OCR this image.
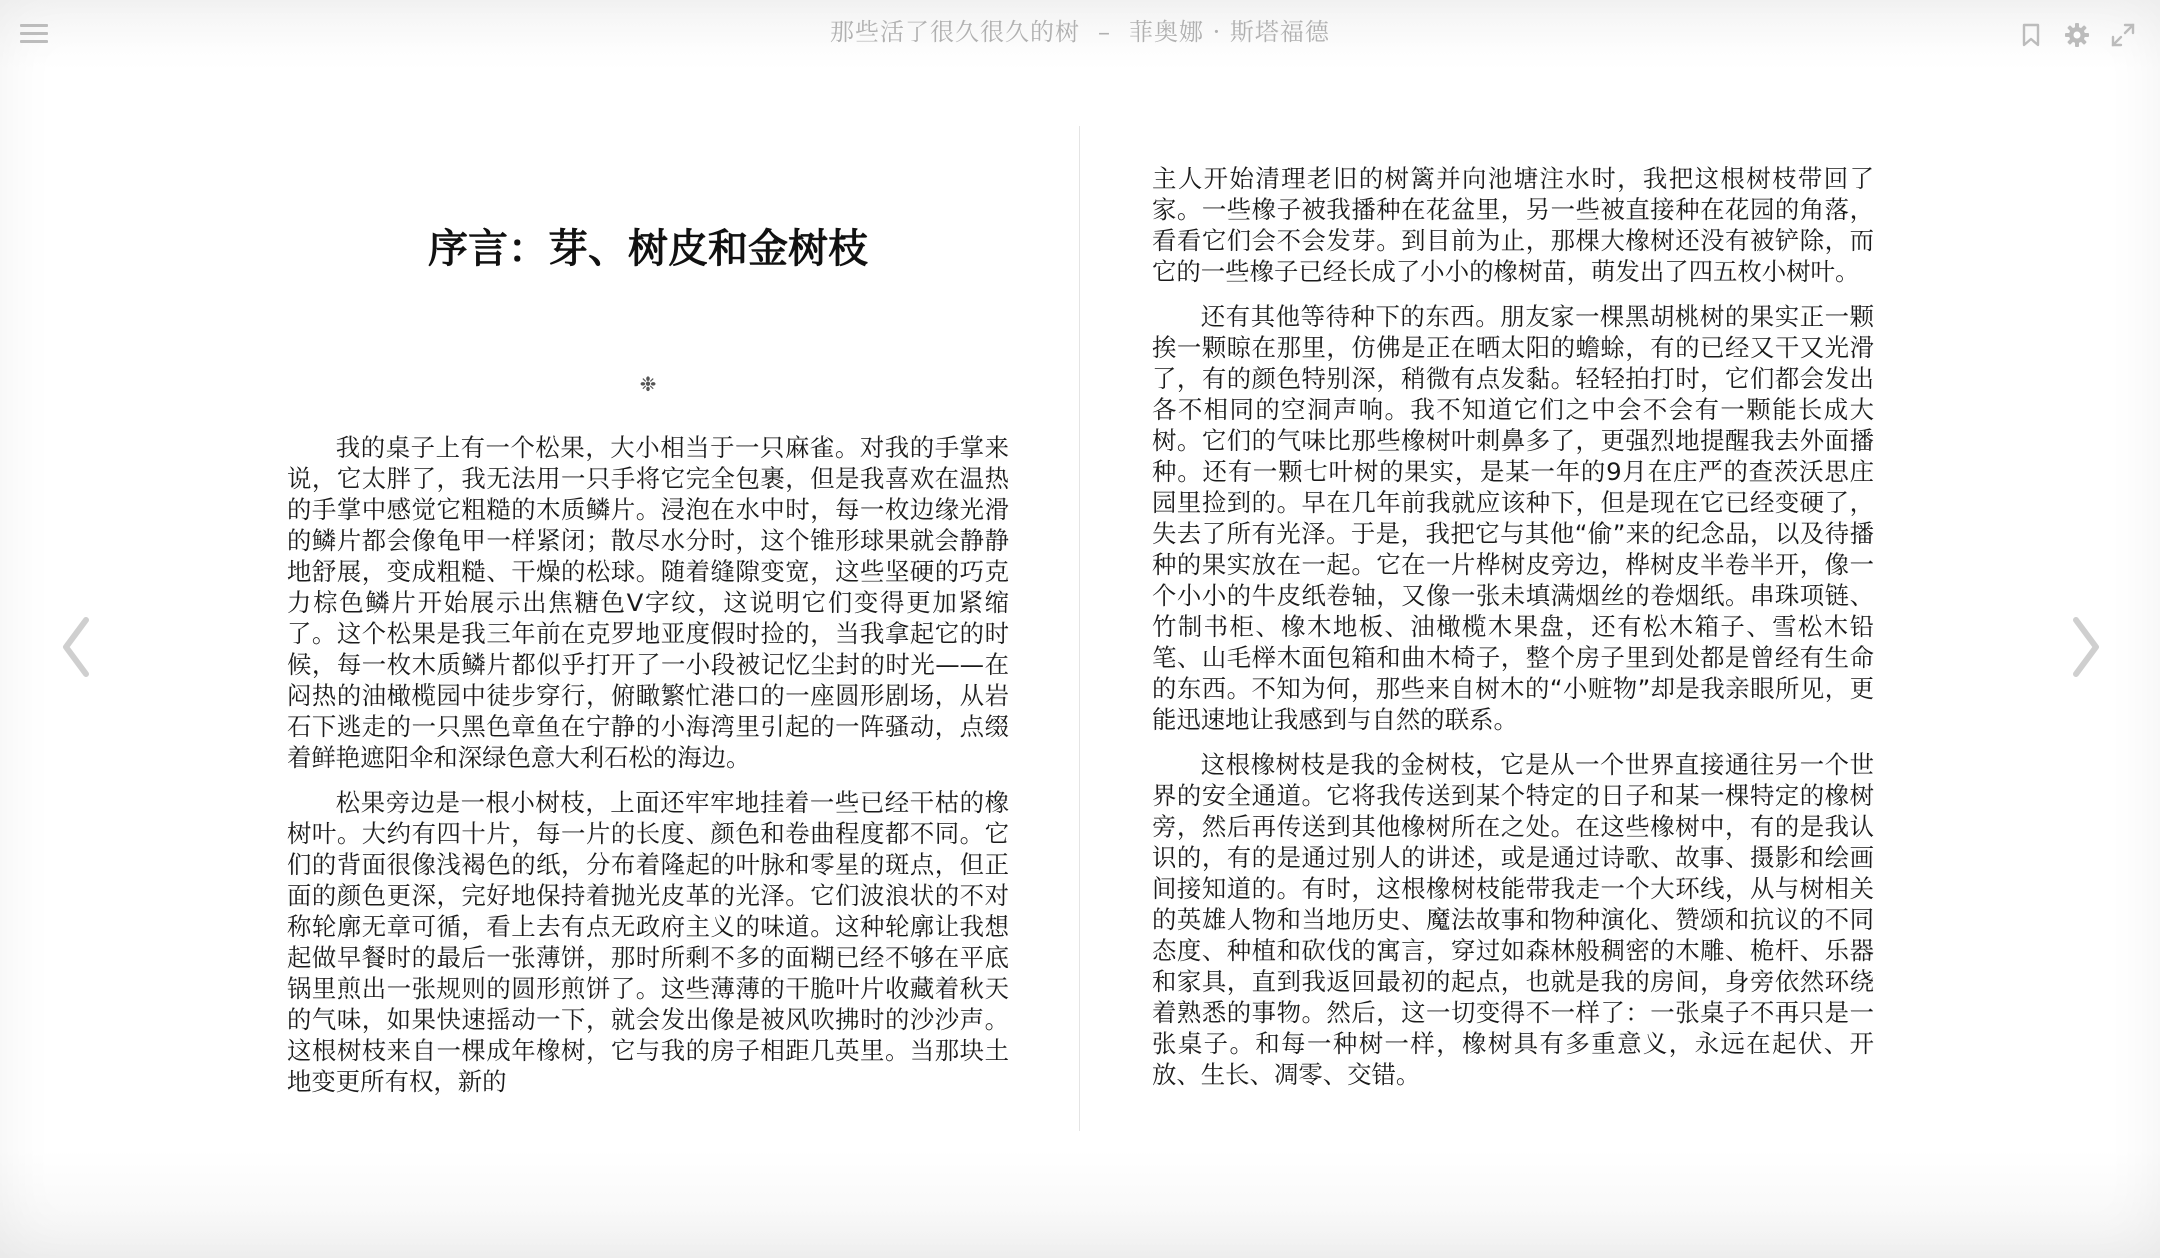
那些活了很久很久的树 – 菲奥娜 · 斯塔福德
序言：芽、树皮和金树枝
❉

我的桌子上有一个松果，大小相当于一只麻雀。对我的手掌来说，它太胖了，我无法用一只手将它完全包裹，但是我喜欢在温热的手掌中感觉它粗糙的木质鳞片。浸泡在水中时，每一枚边缘光滑的鳞片都会像龟甲一样紧闭；散尽水分时，这个锥形球果就会静静地舒展，变成粗糙、干燥的松球。随着缝隙变宽，这些坚硬的巧克力棕色鳞片开始展示出焦糖色V字纹，这说明它们变得更加紧缩了。这个松果是我三年前在克罗地亚度假时捡的，当我拿起它的时候，每一枚木质鳞片都似乎打开了一小段被记忆尘封的时光——在闷热的油橄榄园中徒步穿行，俯瞰繁忙港口的一座圆形剧场，从岩石下逃走的一只黑色章鱼在宁静的小海湾里引起的一阵骚动，点缀着鲜艳遮阳伞和深绿色意大利石松的海边。

松果旁边是一根小树枝，上面还牢牢地挂着一些已经干枯的橡树叶。大约有四十片，每一片的长度、颜色和卷曲程度都不同。它们的背面很像浅褐色的纸，分布着隆起的叶脉和零星的斑点，但正面的颜色更深，完好地保持着抛光皮革的光泽。它们波浪状的不对称轮廓无章可循，看上去有点无政府主义的味道。这种轮廓让我想起做早餐时的最后一张薄饼，那时所剩不多的面糊已经不够在平底锅里煎出一张规则的圆形煎饼了。这些薄薄的干脆叶片收藏着秋天的气味，如果快速摇动一下，就会发出像是被风吹拂时的沙沙声。这根树枝来自一棵成年橡树，它与我的房子相距几英里。当那块土地变更所有权，新的

主人开始清理老旧的树篱并向池塘注水时，我把这根树枝带回了家。一些橡子被我播种在花盆里，另一些被直接种在花园的角落，看看它们会不会发芽。到目前为止，那棵大橡树还没有被铲除，而它的一些橡子已经长成了小小的橡树苗，萌发出了四五枚小树叶。

还有其他等待种下的东西。朋友家一棵黑胡桃树的果实正一颗挨一颗晾在那里，仿佛是正在晒太阳的蟾蜍，有的已经又干又光滑了，有的颜色特别深，稍微有点发黏。轻轻拍打时，它们都会发出各不相同的空洞声响。我不知道它们之中会不会有一颗能长成大树。它们的气味比那些橡树叶刺鼻多了，更强烈地提醒我去外面播种。还有一颗七叶树的果实，是某一年的9月在庄严的查茨沃思庄园里捡到的。早在几年前我就应该种下，但是现在它已经变硬了，失去了所有光泽。于是，我把它与其他“偷”来的纪念品，以及待播种的果实放在一起。它在一片桦树皮旁边，桦树皮半卷半开，像一个小小的牛皮纸卷轴，又像一张未填满烟丝的卷烟纸。串珠项链、竹制书柜、橡木地板、油橄榄木果盘，还有松木箱子、雪松木铅笔、山毛榉木面包箱和曲木椅子，整个房子里到处都是曾经有生命的东西。不知为何，那些来自树木的“小赃物”却是我亲眼所见，更能迅速地让我感到与自然的联系。

这根橡树枝是我的金树枝，它是从一个世界直接通往另一个世界的安全通道。它将我传送到某个特定的日子和某一棵特定的橡树旁，然后再传送到其他橡树所在之处。在这些橡树中，有的是我认识的，有的是通过别人的讲述，或是通过诗歌、故事、摄影和绘画间接知道的。有时，这根橡树枝能带我走一个大环线，从与树相关的英雄人物和当地历史、魔法故事和物种演化、赞颂和抗议的不同态度、种植和砍伐的寓言，穿过如森林般稠密的木雕、桅杆、乐器和家具，直到我返回最初的起点，也就是我的房间，身旁依然环绕着熟悉的事物。然后，这一切变得不一样了：一张桌子不再只是一张桌子。和每一种树一样，橡树具有多重意义，永远在起伏、开放、生长、凋零、交错。
